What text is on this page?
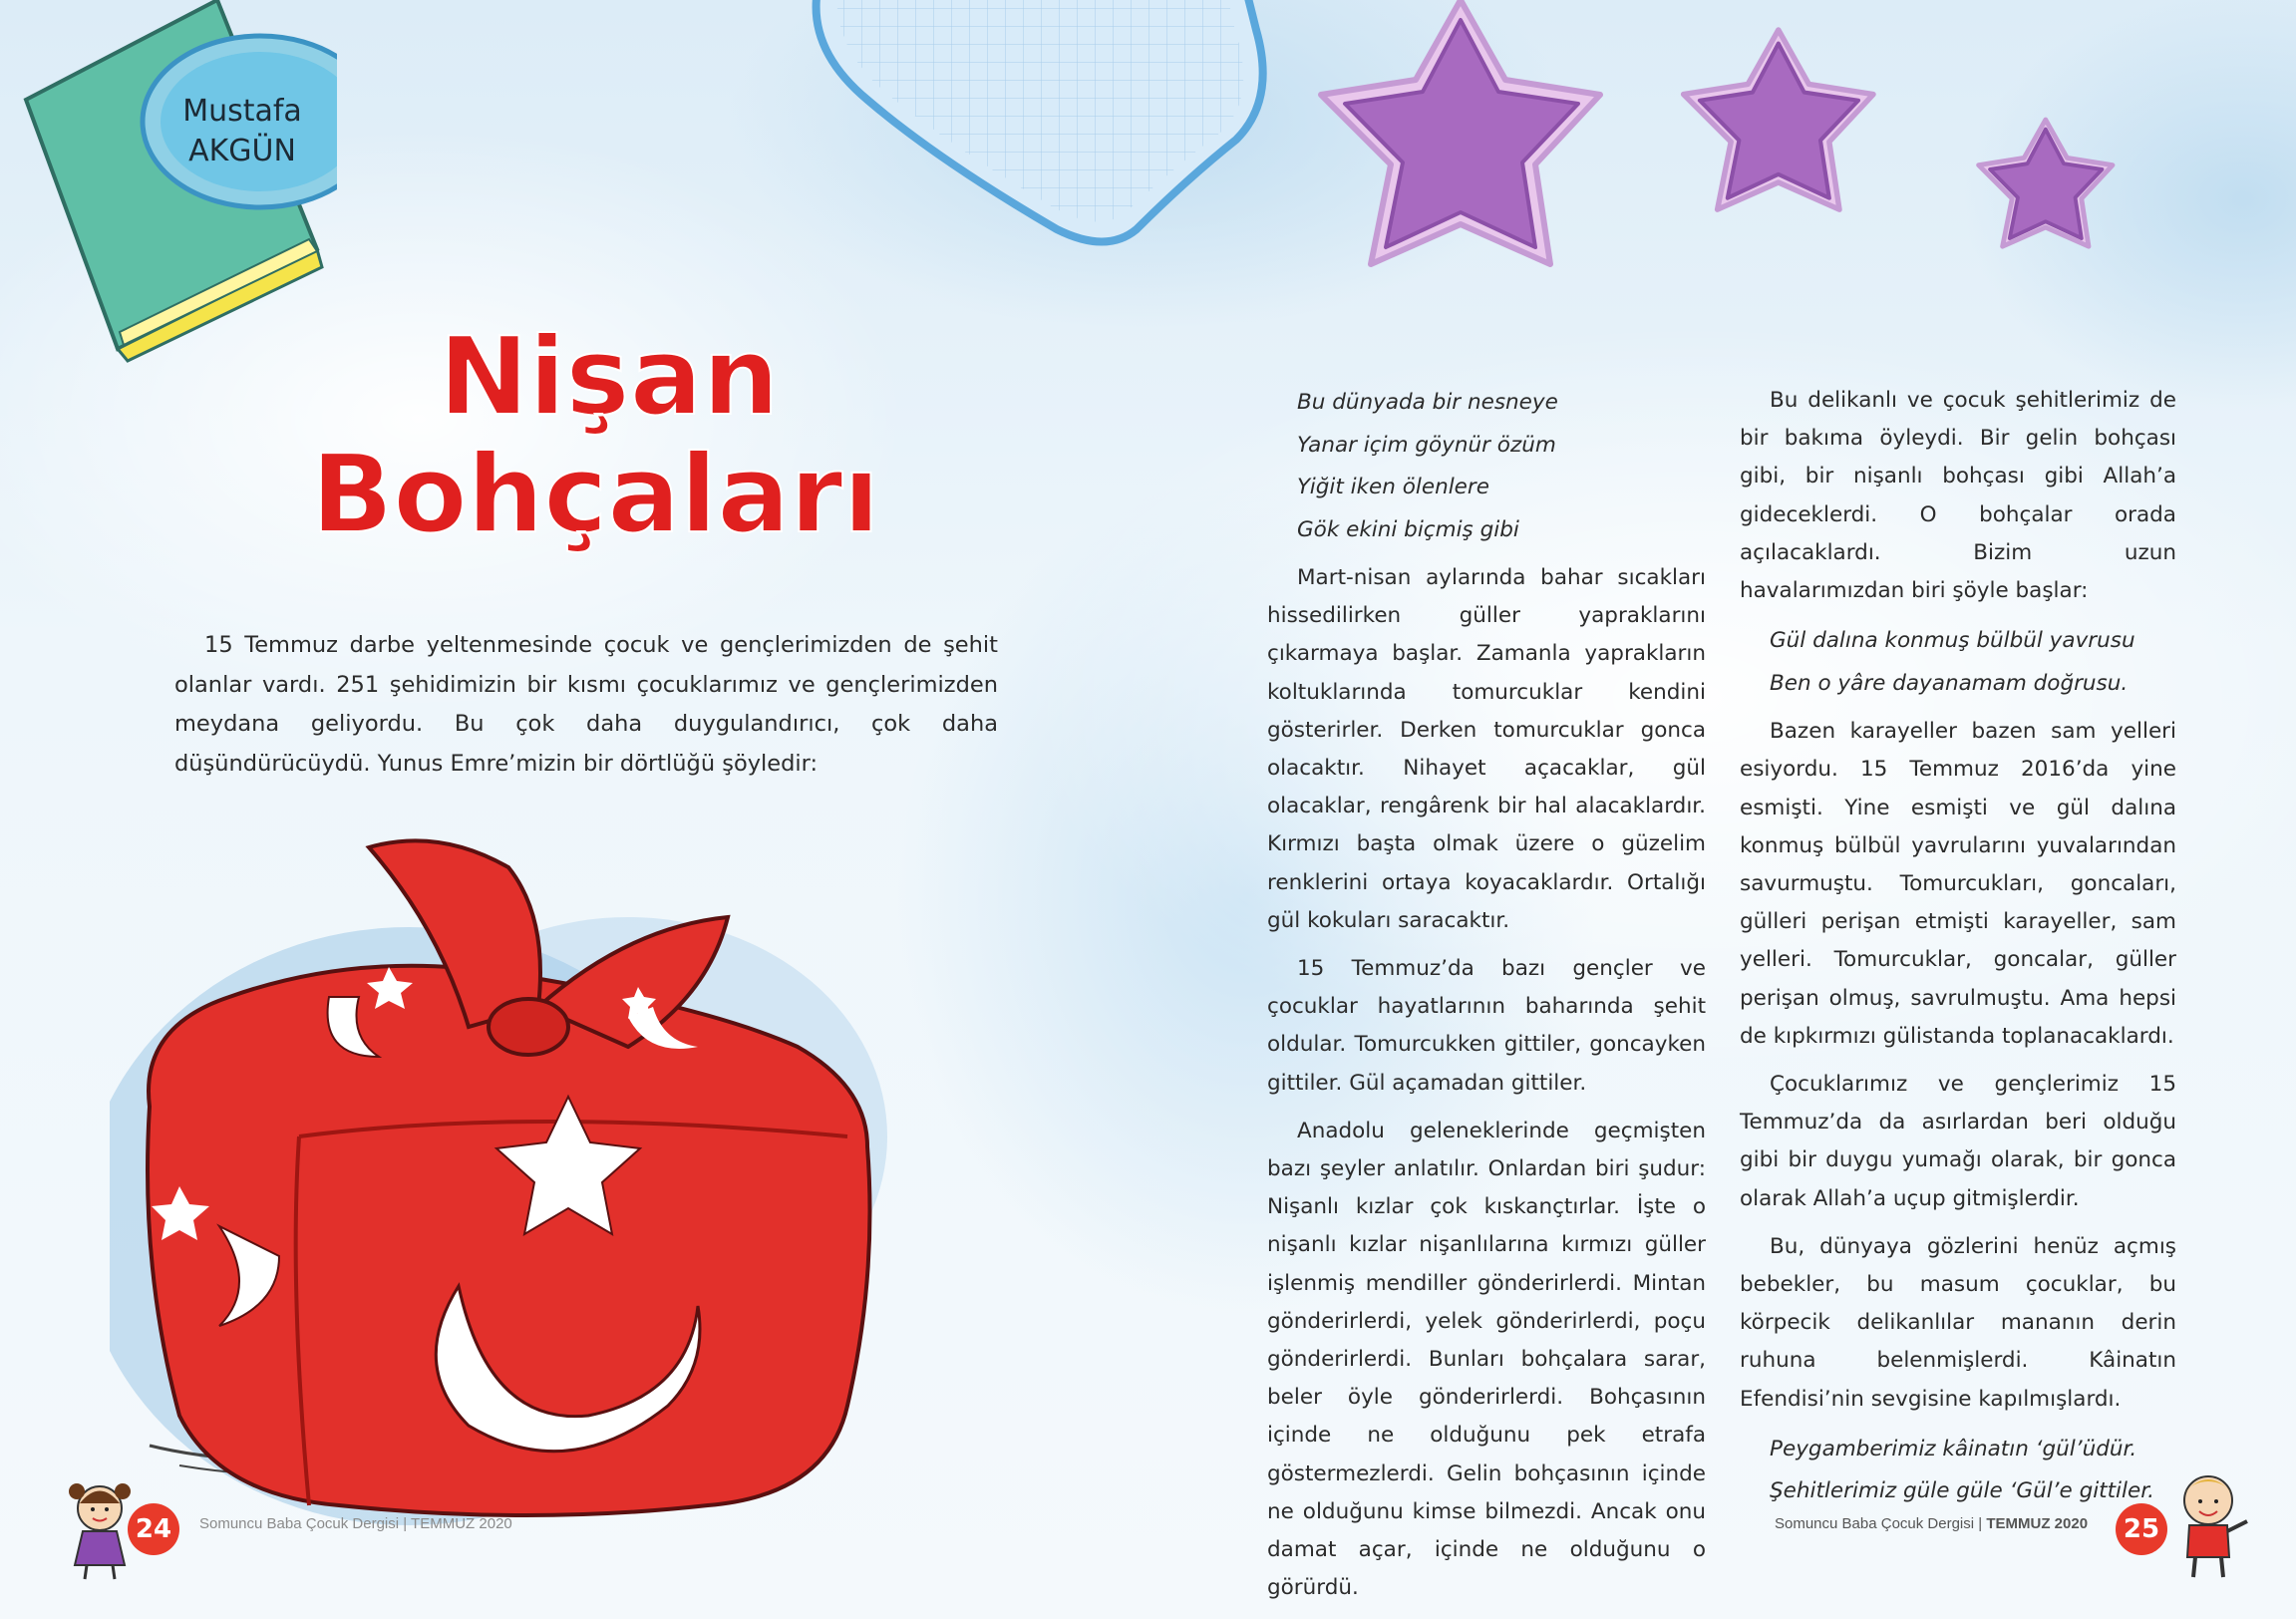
Mustafa
AKGÜN
Nişan
Bohçaları

15 Temmuz darbe yeltenmesinde çocuk ve gençlerimizden de şehit olanlar vardı. 251 şehidimizin bir kısmı çocuklarımız ve gençlerimizden meydana geliyordu. Bu çok daha duygulandırıcı, çok daha düşündürücüydü. Yunus Emre’mizin bir dörtlüğü şöyledir:

Bu dünyada bir nesneye

Yanar içim göynür özüm

Yiğit iken ölenlere

Gök ekini biçmiş gibi

Mart-nisan aylarında bahar sıcakları hissedilirken güller yapraklarını çıkarmaya başlar. Zamanla yaprakların koltuklarında tomurcuklar kendini gösterirler. Derken tomurcuklar gonca olacaktır. Nihayet açacaklar, gül olacaklar, rengârenk bir hal alacaklardır. Kırmızı başta olmak üzere o güzelim renklerini ortaya koyacaklardır. Ortalığı gül kokuları saracaktır.

15 Temmuz’da bazı gençler ve çocuklar hayatlarının baharında şehit oldular. Tomurcukken gittiler, goncayken gittiler. Gül açamadan gittiler.

Anadolu geleneklerinde geçmişten bazı şeyler anlatılır. Onlardan biri şudur: Nişanlı kızlar çok kıskançtırlar. İşte o nişanlı kızlar nişanlılarına kırmızı güller işlenmiş mendiller gönderirlerdi. Mintan gönderirlerdi, yelek gönderirlerdi, poçu gönderirlerdi. Bunları bohçalara sarar, beler öyle gönderirlerdi. Bohçasının içinde ne olduğunu pek etrafa göstermezlerdi. Gelin bohçasının içinde ne olduğunu kimse bilmezdi. Ancak onu damat açar, içinde ne olduğunu o görürdü.

Bu delikanlı ve çocuk şehitlerimiz de bir bakıma öyleydi. Bir gelin bohçası gibi, bir nişanlı bohçası gibi Allah’a gideceklerdi. O bohçalar orada açılacaklardı. Bizim uzun havalarımızdan biri şöyle başlar:

Gül dalına konmuş bülbül yavrusu

Ben o yâre dayanamam doğrusu.

Bazen karayeller bazen sam yelleri esiyordu. 15 Temmuz 2016’da yine esmişti. Yine esmişti ve gül dalına konmuş bülbül yavrularını yuvalarından savurmuştu. Tomurcukları, goncaları, gülleri perişan etmişti karayeller, sam yelleri. Tomurcuklar, goncalar, güller perişan olmuş, savrulmuştu. Ama hepsi de kıpkırmızı gülistanda toplanacaklardı.

Çocuklarımız ve gençlerimiz 15 Temmuz’da da asırlardan beri olduğu gibi bir duygu yumağı olarak, bir gonca olarak Allah’a uçup gitmişlerdir.

Bu, dünyaya gözlerini henüz açmış bebekler, bu masum çocuklar, bu körpecik delikanlılar mananın derin ruhuna belenmişlerdi. Kâinatın Efendisi’nin sevgisine kapılmışlardı.

Peygamberimiz kâinatın ‘gül’üdür.

Şehitlerimiz güle güle ‘Gül’e gittiler.

24	Somuncu Baba Çocuk Dergisi | TEMMUZ 2020	Somuncu Baba Çocuk Dergisi | TEMMUZ 2020	25
